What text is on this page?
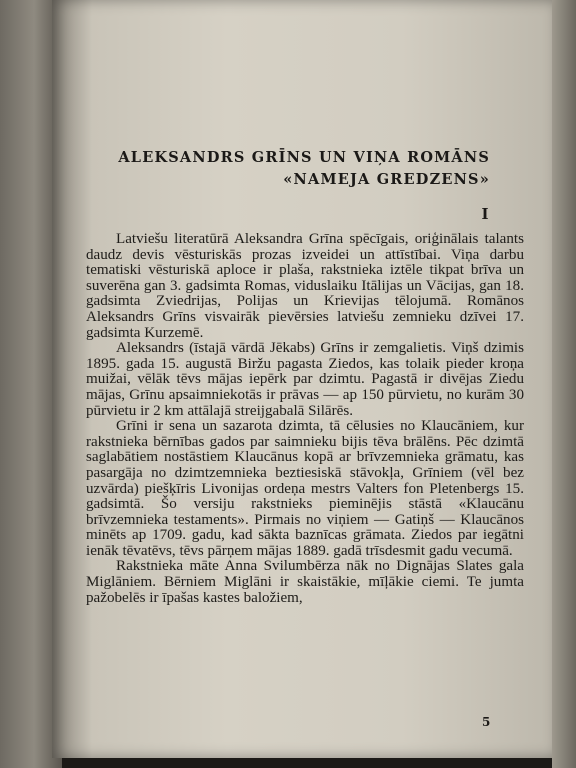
ALEKSANDRS GRĪNS UN VIŅA ROMĀNS
«NAMEJA GREDZENS»
I

Latviešu literatūrā Aleksandra Grīna spēcīgais, oriģinālais talants daudz devis vēsturiskās prozas izveidei un attīstībai. Viņa darbu tematiski vēsturiskā aploce ir plaša, rakstnieka iztēle tikpat brīva un suverēna gan 3. gadsimta Romas, viduslaiku Itālijas un Vācijas, gan 18. gadsimta Zviedrijas, Polijas un Krievijas tēlojumā. Romānos Aleksandrs Grīns visvairāk pievērsies latviešu zemnieku dzīvei 17. gadsimta Kurzemē.

Aleksandrs (īstajā vārdā Jēkabs) Grīns ir zemgalietis. Viņš dzimis 1895. gada 15. augustā Biržu pagasta Ziedos, kas tolaik pieder kroņa muižai, vēlāk tēvs mājas iepērk par dzimtu. Pagastā ir divējas Ziedu mājas, Grīnu apsaimniekotās ir prāvas — ap 150 pūrvietu, no kurām 30 pūrvietu ir 2 km attālajā streijgabalā Silārēs.

Grīni ir sena un sazarota dzimta, tā cēlusies no Klaucāniem, kur rakstnieka bērnības gados par saimnieku bijis tēva brālēns. Pēc dzimtā saglabātiem nostāstiem Klaucānus kopā ar brīvzemnieka grāmatu, kas pasargāja no dzimtzemnieka beztiesiskā stāvokļa, Grīniem (vēl bez uzvārda) piešķīris Livonijas ordeņa mestrs Valters fon Pletenbergs 15. gadsimtā. Šo versiju rakstnieks pieminējis stāstā «Klaucānu brīvzemnieka testaments». Pirmais no viņiem — Gatiņš — Klaucānos minēts ap 1709. gadu, kad sākta baznīcas grāmata. Ziedos par iegātni ienāk tēvatēvs, tēvs pārņem mājas 1889. gadā trīsdesmit gadu vecumā.

Rakstnieka māte Anna Svilumbērza nāk no Dignājas Slates gala Miglāniem. Bērniem Miglāni ir skaistākie, mīļākie ciemi. Te jumta pažobelēs ir īpašas kastes baložiem,

5
